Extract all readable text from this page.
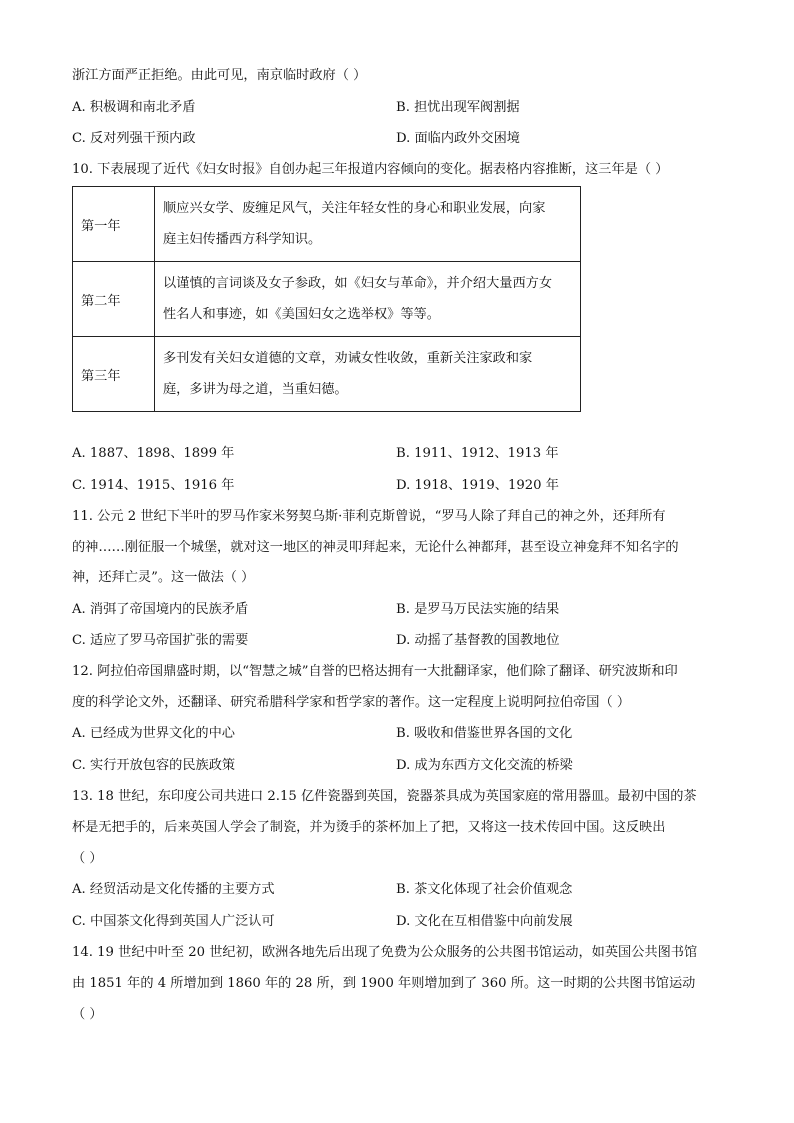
浙江方面严正拒绝。由此可见，南京临时政府（ ）
A. 积极调和南北矛盾	B. 担忧出现军阀割据
C. 反对列强干预内政	D. 面临内政外交困境
10. 下表展现了近代《妇女时报》自创办起三年报道内容倾向的变化。据表格内容推断，这三年是（ ）
第一年	顺应兴女学、废缠足风气，关注年轻女性的身心和职业发展，向家
庭主妇传播西方科学知识。

第二年	以谨慎的言词谈及女子参政，如《妇女与革命》，并介绍大量西方女
性名人和事迹，如《美国妇女之选举权》等等。

第三年	多刊发有关妇女道德的文章，劝诫女性收敛，重新关注家政和家
庭，多讲为母之道，当重妇德。
A. 1887、1898、1899 年	B. 1911、1912、1913 年
C. 1914、1915、1916 年	D. 1918、1919、1920 年
11. 公元 2 世纪下半叶的罗马作家米努契乌斯·菲利克斯曾说，“罗马人除了拜自己的神之外，还拜所有
的神……刚征服一个城堡，就对这一地区的神灵叩拜起来，无论什么神都拜，甚至设立神龛拜不知名字的
神，还拜亡灵”。这一做法（ ）
A. 消弭了帝国境内的民族矛盾	B. 是罗马万民法实施的结果
C. 适应了罗马帝国扩张的需要	D. 动摇了基督教的国教地位
12. 阿拉伯帝国鼎盛时期，以“智慧之城”自誉的巴格达拥有一大批翻译家，他们除了翻译、研究波斯和印
度的科学论文外，还翻译、研究希腊科学家和哲学家的著作。这一定程度上说明阿拉伯帝国（ ）
A. 已经成为世界文化的中心	B. 吸收和借鉴世界各国的文化
C. 实行开放包容的民族政策	D. 成为东西方文化交流的桥梁
13. 18 世纪，东印度公司共进口 2.15 亿件瓷器到英国，瓷器茶具成为英国家庭的常用器皿。最初中国的茶
杯是无把手的，后来英国人学会了制瓷，并为烫手的茶杯加上了把，又将这一技术传回中国。这反映出
（ ）
A. 经贸活动是文化传播的主要方式	B. 茶文化体现了社会价值观念
C. 中国茶文化得到英国人广泛认可	D. 文化在互相借鉴中向前发展
14. 19 世纪中叶至 20 世纪初，欧洲各地先后出现了免费为公众服务的公共图书馆运动，如英国公共图书馆
由 1851 年的 4 所增加到 1860 年的 28 所，到 1900 年则增加到了 360 所。这一时期的公共图书馆运动
（ ）
